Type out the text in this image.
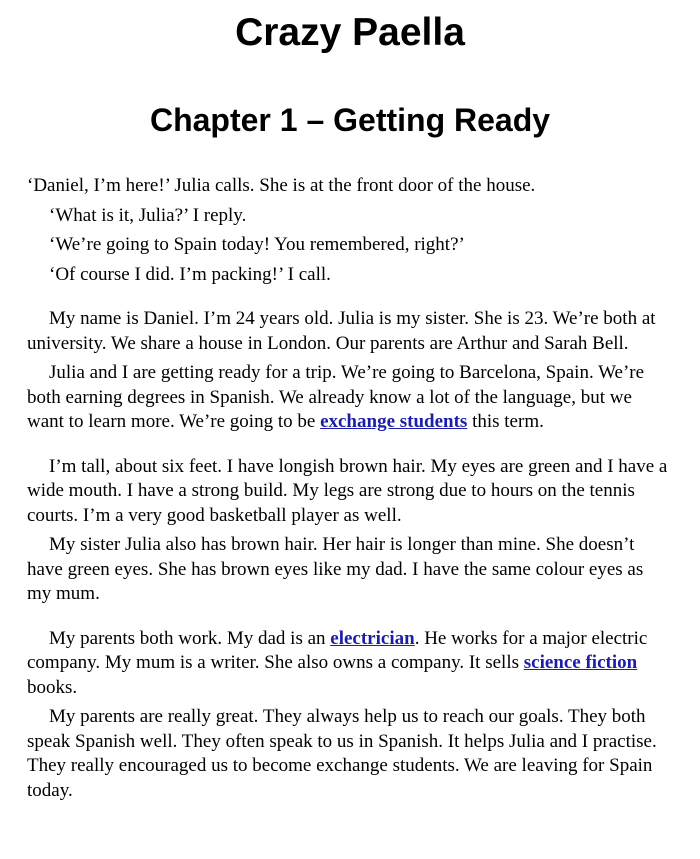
Crazy Paella
Chapter 1 – Getting Ready

‘Daniel, I’m here!’ Julia calls. She is at the front door of the house.

‘What is it, Julia?’ I reply.

‘We’re going to Spain today! You remembered, right?’

‘Of course I did. I’m packing!’ I call.

My name is Daniel. I’m 24 years old. Julia is my sister. She is 23. We’re both at university. We share a house in London. Our parents are Arthur and Sarah Bell.

Julia and I are getting ready for a trip. We’re going to Barcelona, Spain. We’re both earning degrees in Spanish. We already know a lot of the language, but we want to learn more. We’re going to be exchange students this term.

I’m tall, about six feet. I have longish brown hair. My eyes are green and I have a wide mouth. I have a strong build. My legs are strong due to hours on the tennis courts. I’m a very good basketball player as well.

My sister Julia also has brown hair. Her hair is longer than mine. She doesn’t have green eyes. She has brown eyes like my dad. I have the same colour eyes as my mum.

My parents both work. My dad is an electrician. He works for a major electric company. My mum is a writer. She also owns a company. It sells science fiction books.

My parents are really great. They always help us to reach our goals. They both speak Spanish well. They often speak to us in Spanish. It helps Julia and I practise. They really encouraged us to become exchange students. We are leaving for Spain today.
